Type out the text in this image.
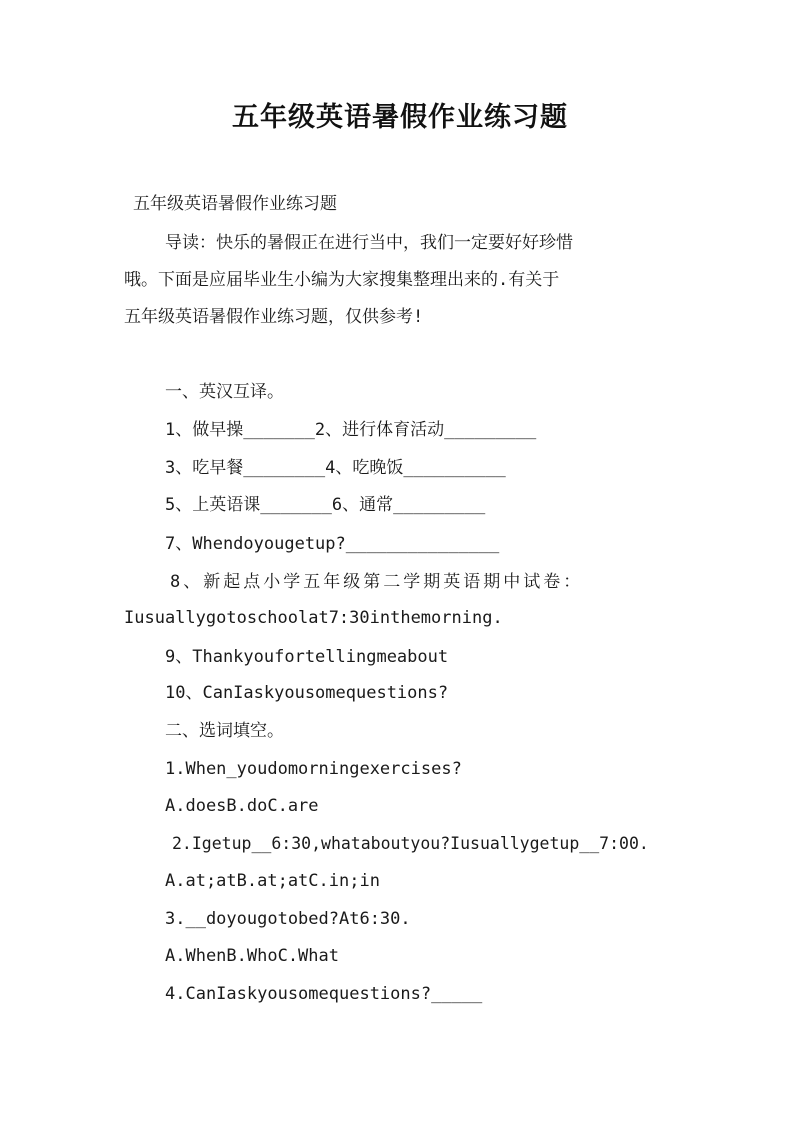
五年级英语暑假作业练习题
五年级英语暑假作业练习题
导读：快乐的暑假正在进行当中，我们一定要好好珍惜
哦。下面是应届毕业生小编为大家搜集整理出来的.有关于
五年级英语暑假作业练习题，仅供参考!
一、英汉互译。
1、做早操_______2、进行体育活动_________
3、吃早餐________4、吃晚饭__________
5、上英语课_______6、通常_________
7、Whendoyougetup?_______________
8、新起点小学五年级第二学期英语期中试卷：
Iusuallygotoschoolat7:30inthemorning.
9、Thankyoufortellingmeabout
10、CanIaskyousomequestions?
二、选词填空。
1.When_youdomorningexercises?
A.doesB.doC.are
2.Igetup__6:30,whataboutyou?Iusuallygetup__7:00.
A.at;atB.at;atC.in;in
3.__doyougotobed?At6:30.
A.WhenB.WhoC.What
4.CanIaskyousomequestions?_____
